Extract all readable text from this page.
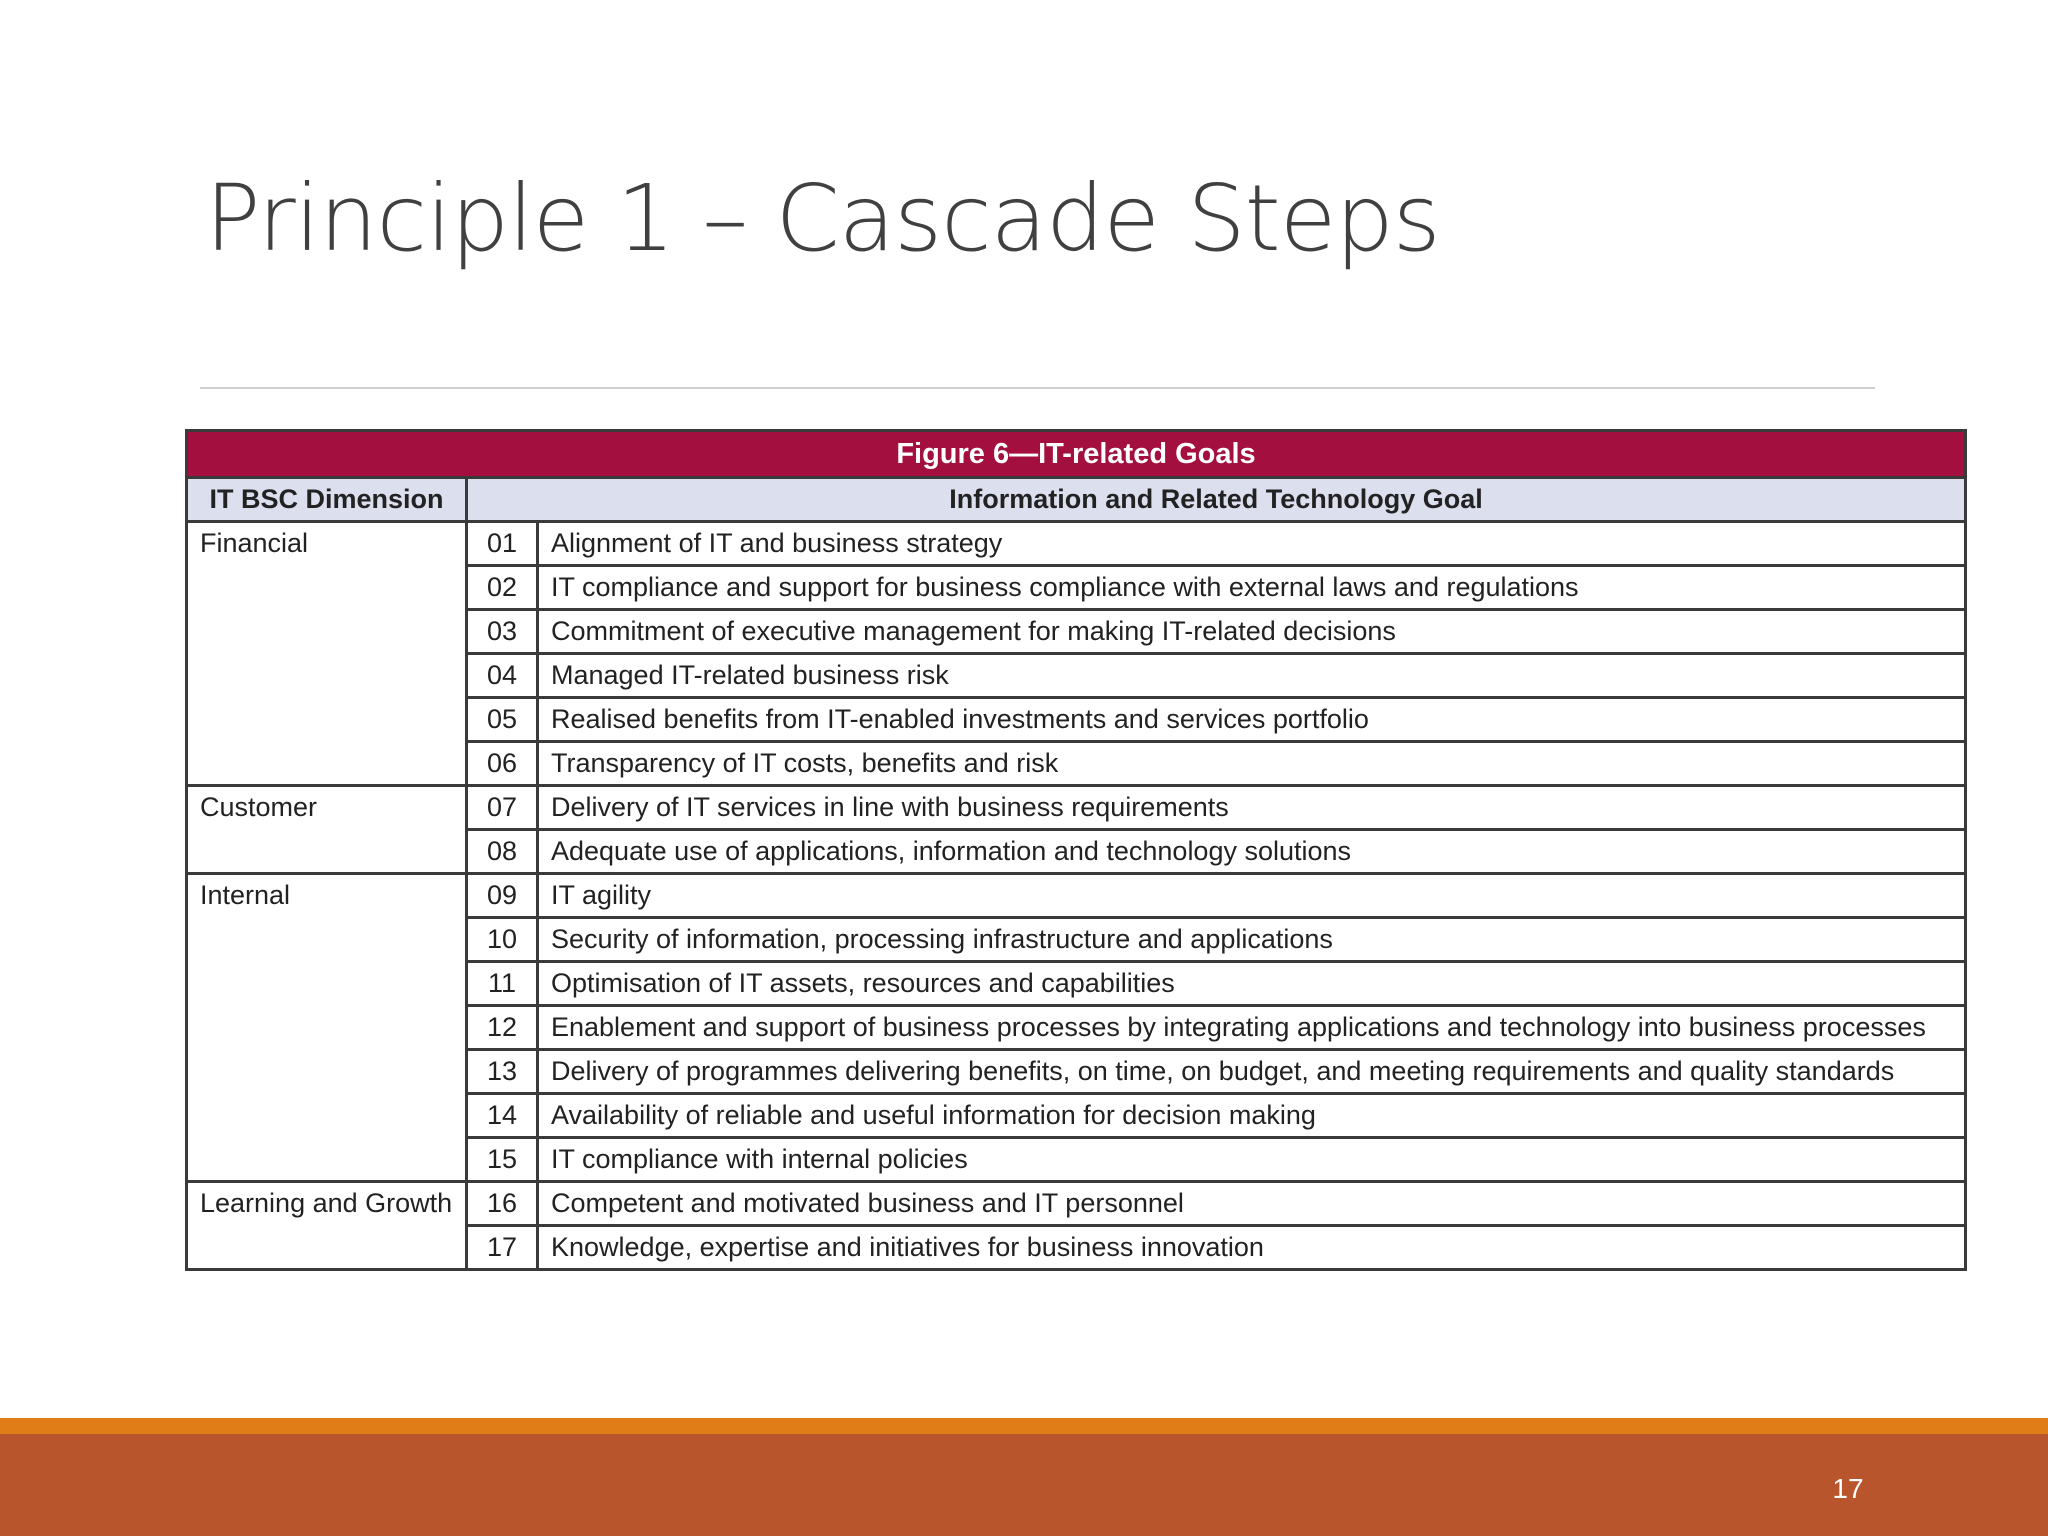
Principle 1 – Cascade Steps
Figure 6—IT-related Goals		
IT BSC Dimension	Information and Related Technology Goal	
Financial	01	Alignment of IT and business strategy
	02	IT compliance and support for business compliance with external laws and regulations
	03	Commitment of executive management for making IT-related decisions
	04	Managed IT-related business risk
	05	Realised benefits from IT-enabled investments and services portfolio
	06	Transparency of IT costs, benefits and risk
Customer	07	Delivery of IT services in line with business requirements
	08	Adequate use of applications, information and technology solutions
Internal	09	IT agility
	10	Security of information, processing infrastructure and applications
	11	Optimisation of IT assets, resources and capabilities
	12	Enablement and support of business processes by integrating applications and technology into business processes
	13	Delivery of programmes delivering benefits, on time, on budget, and meeting requirements and quality standards
	14	Availability of reliable and useful information for decision making
	15	IT compliance with internal policies
Learning and Growth	16	Competent and motivated business and IT personnel
	17	Knowledge, expertise and initiatives for business innovation
17
